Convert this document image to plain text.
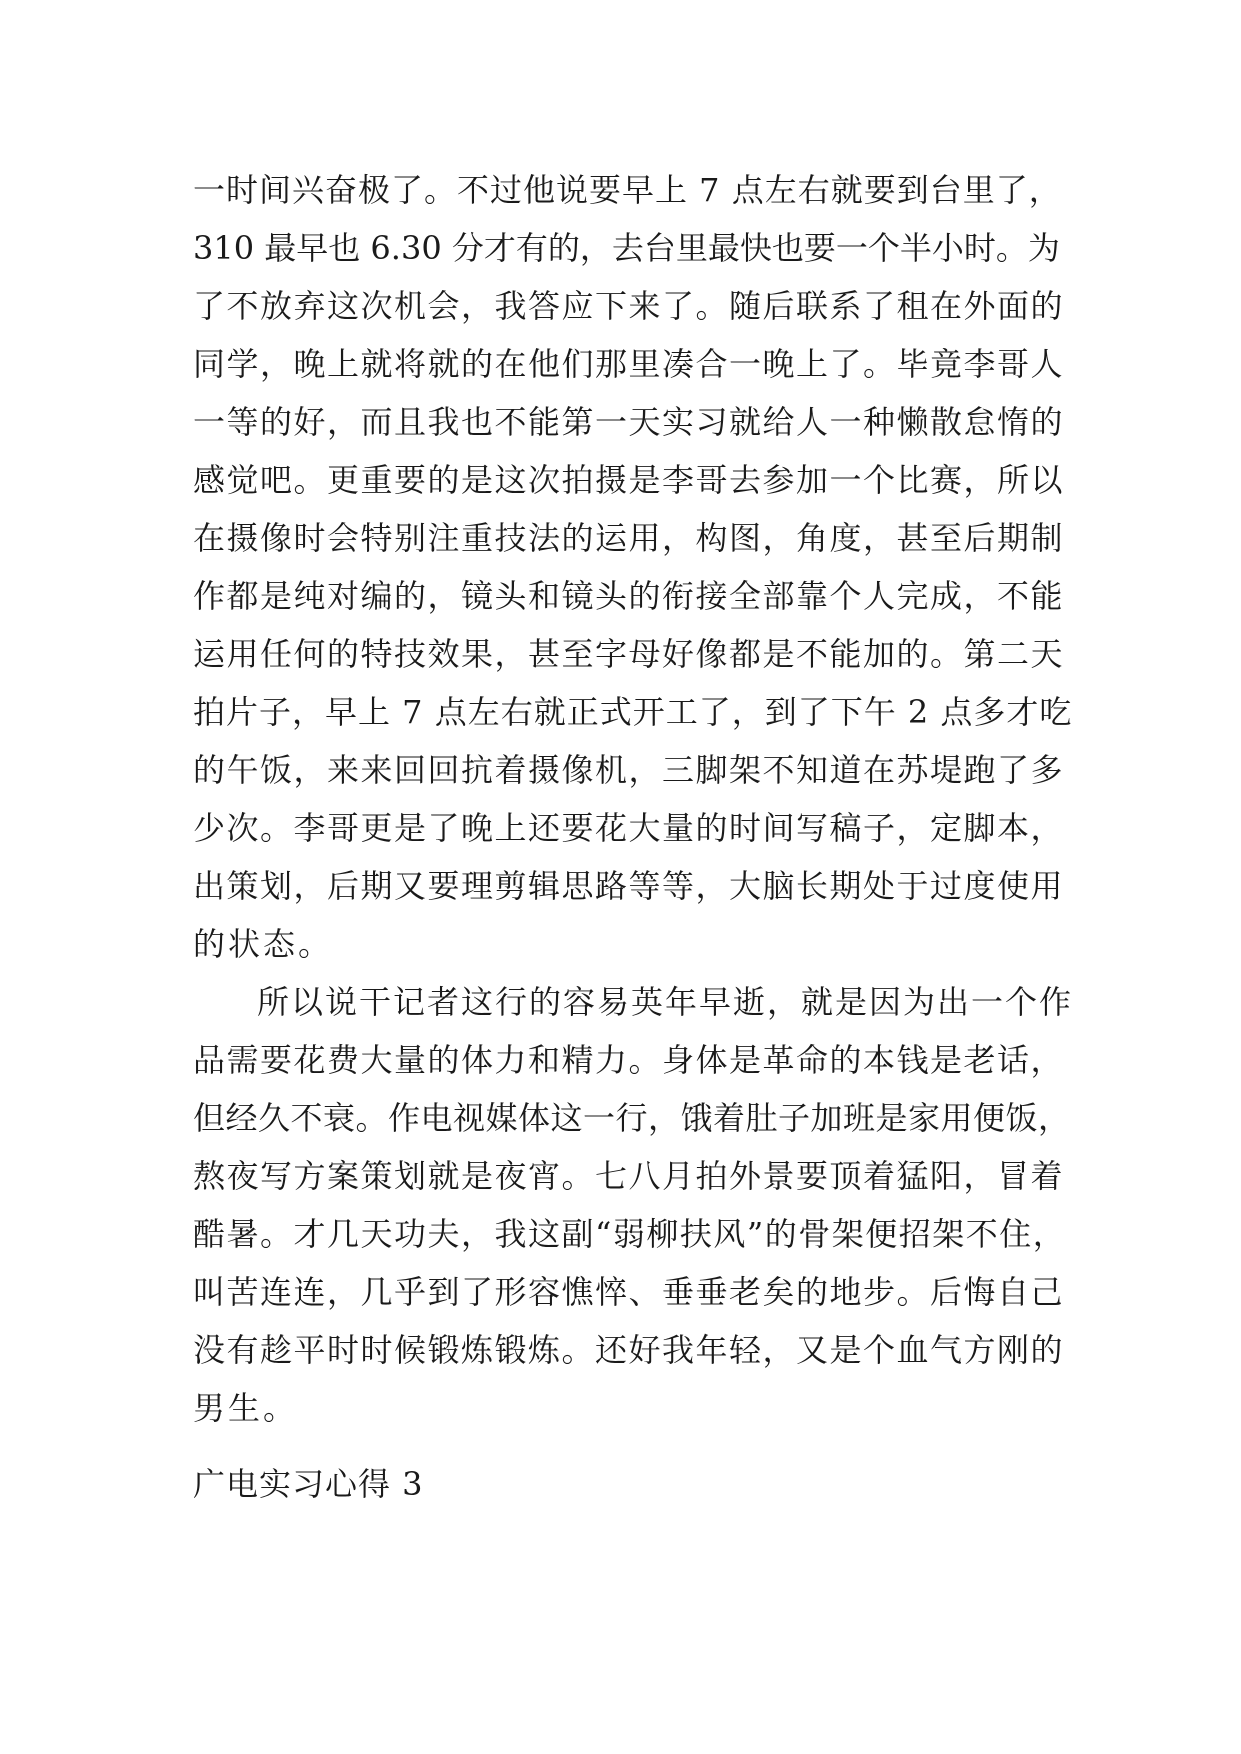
一时间兴奋极了。不过他说要早上 7 点左右就要到台里了，
310 最早也 6.30 分才有的，去台里最快也要一个半小时。为
了不放弃这次机会，我答应下来了。随后联系了租在外面的
同学，晚上就将就的在他们那里凑合一晚上了。毕竟李哥人
一等的好，而且我也不能第一天实习就给人一种懒散怠惰的
感觉吧。更重要的是这次拍摄是李哥去参加一个比赛，所以
在摄像时会特别注重技法的运用，构图，角度，甚至后期制
作都是纯对编的，镜头和镜头的衔接全部靠个人完成，不能
运用任何的特技效果，甚至字母好像都是不能加的。第二天
拍片子，早上 7 点左右就正式开工了，到了下午 2 点多才吃
的午饭，来来回回抗着摄像机，三脚架不知道在苏堤跑了多
少次。李哥更是了晚上还要花大量的时间写稿子，定脚本，
出策划，后期又要理剪辑思路等等，大脑长期处于过度使用
的状态。
所以说干记者这行的容易英年早逝，就是因为出一个作
品需要花费大量的体力和精力。身体是革命的本钱是老话，
但经久不衰。作电视媒体这一行，饿着肚子加班是家用便饭，
熬夜写方案策划就是夜宵。七八月拍外景要顶着猛阳，冒着
酷暑。才几天功夫，我这副“弱柳扶风”的骨架便招架不住，
叫苦连连，几乎到了形容憔悴、垂垂老矣的地步。后悔自己
没有趁平时时候锻炼锻炼。还好我年轻，又是个血气方刚的
男生。
广电实习心得 3
